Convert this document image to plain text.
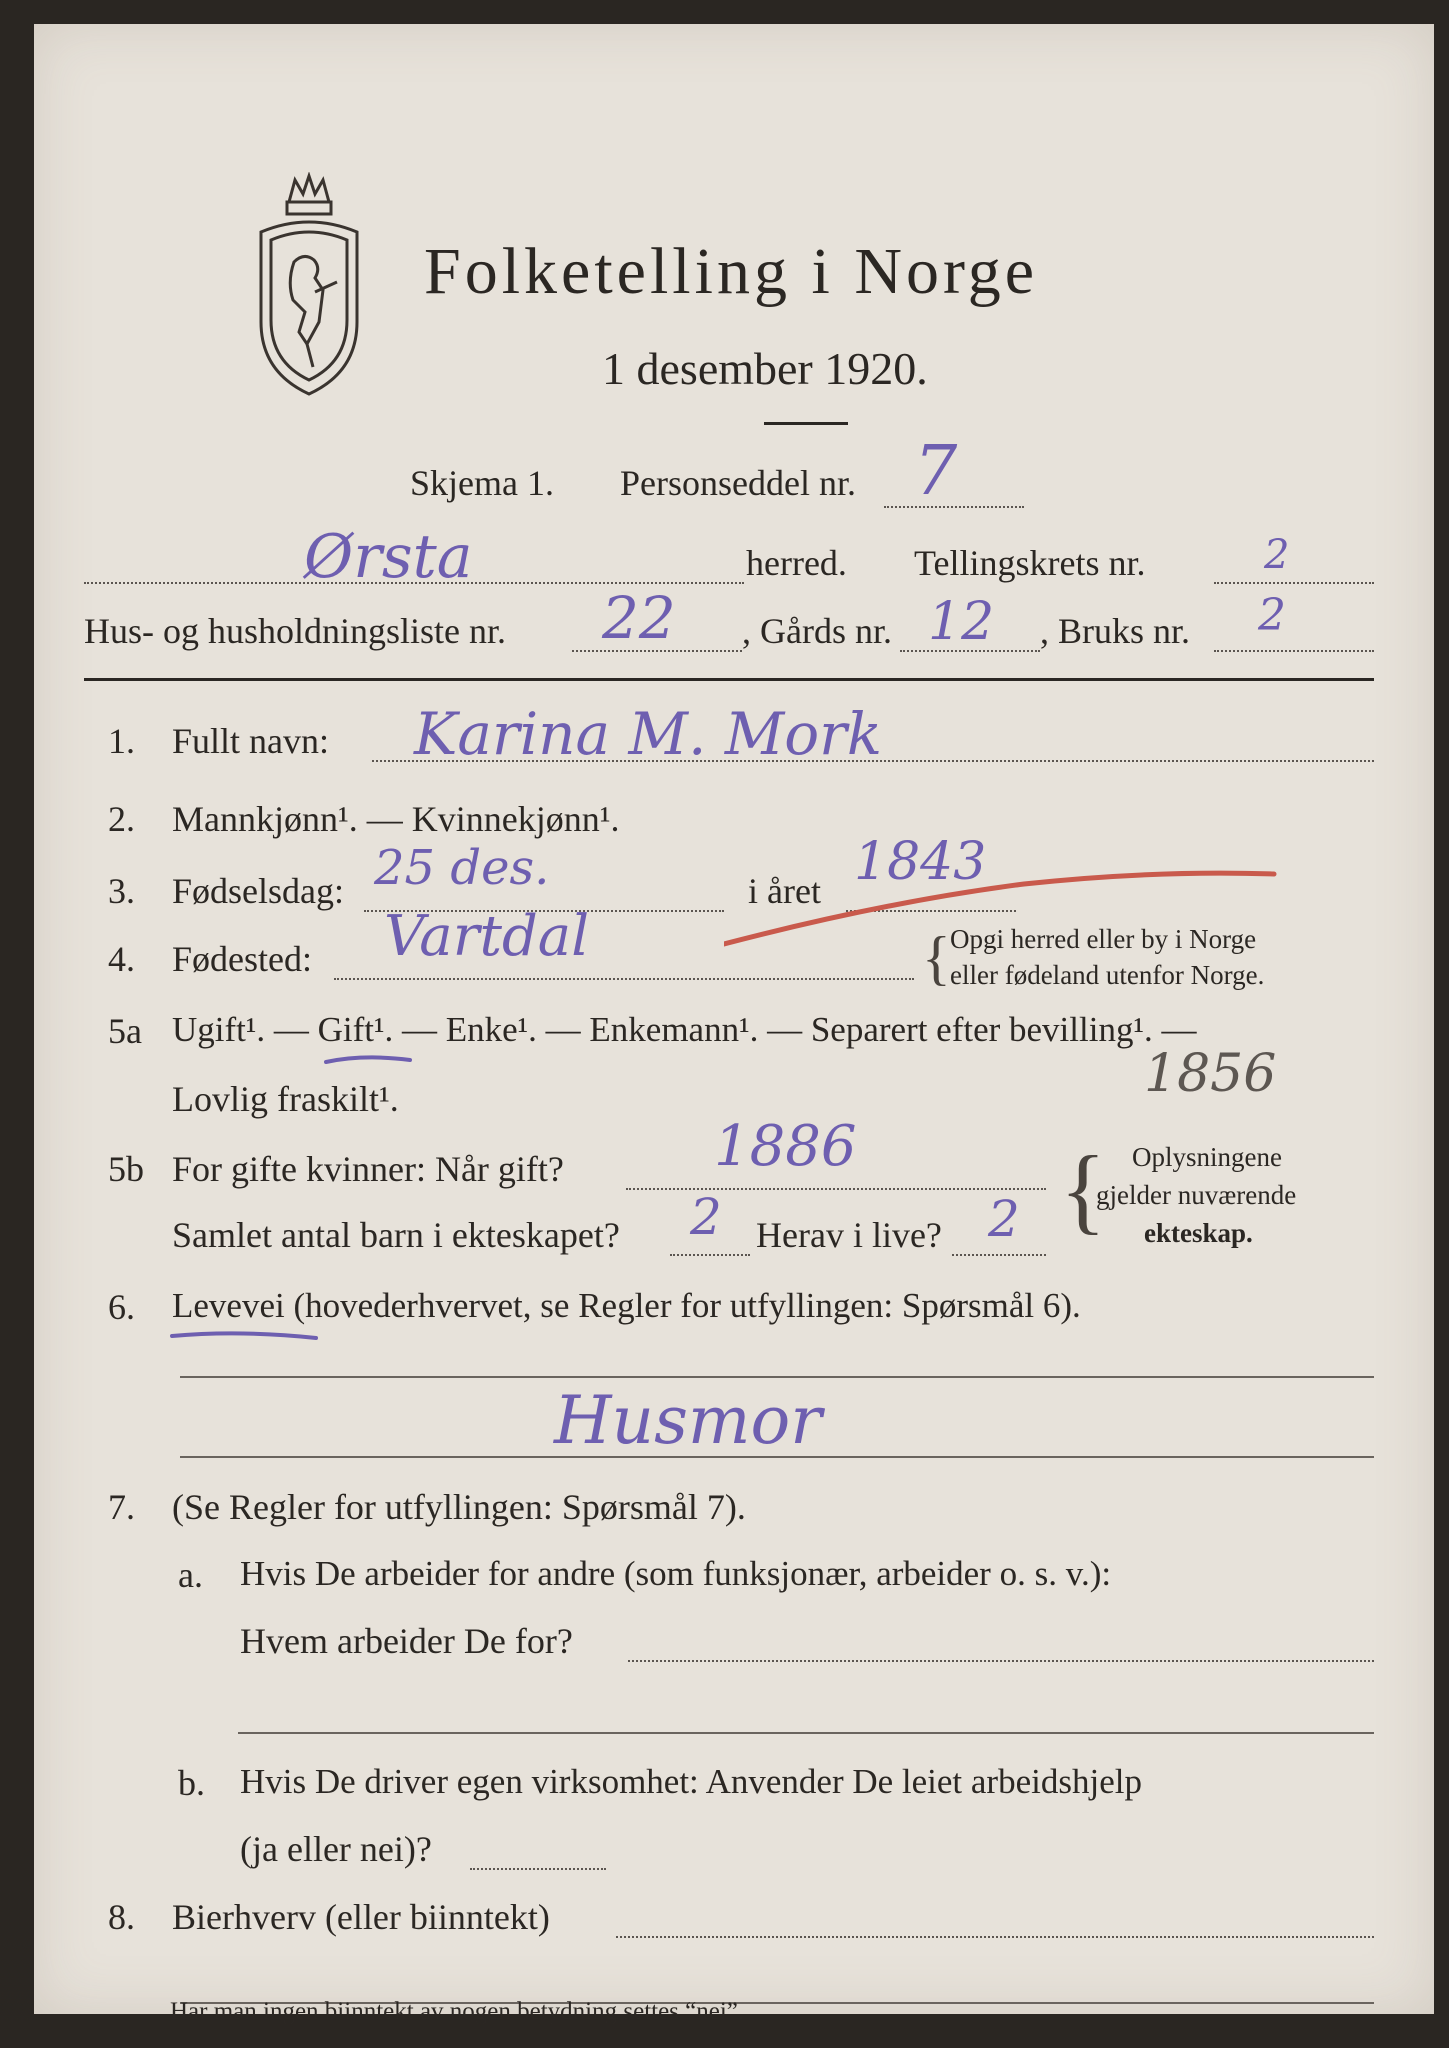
Folketelling i Norge
1 desember 1920.
Skjema 1. Personseddel nr. 7
Ørsta	herred. Tellingskrets nr.	2
Hus- og husholdningsliste nr. 22 , Gårds nr. 12 , Bruks nr. 2
1. Fullt navn: Karina M. Mork
2. Mannkjønn¹. — Kvinnekjønn¹.
3. Fødselsdag: 25 des.	i året 1843
4. Fødested: Vartdal	{ Opgi herred eller by i Norge
eller fødeland utenfor Norge.
5a Ugift¹. — Gift¹. — Enke¹. — Enkemann¹. — Separert efter bevilling¹. —
Lovlig fraskilt¹.	1856
5b For gifte kvinner: Når gift?	1886
Samlet antal barn i ekteskapet? 2 Herav i live? 2 { Oplysningene
gjelder nuværende
ekteskap.
6. Levevei (hovederhvervet, se Regler for utfyllingen: Spørsmål 6).
Husmor
7. (Se Regler for utfyllingen: Spørsmål 7).
a. Hvis De arbeider for andre (som funksjonær, arbeider o. s. v.):
Hvem arbeider De for?
b. Hvis De driver egen virksomhet: Anvender De leiet arbeidshjelp
(ja eller nei)?
8. Bierhverv (eller biinntekt)
Har man ingen biinntekt av nogen betydning settes “nei”.
